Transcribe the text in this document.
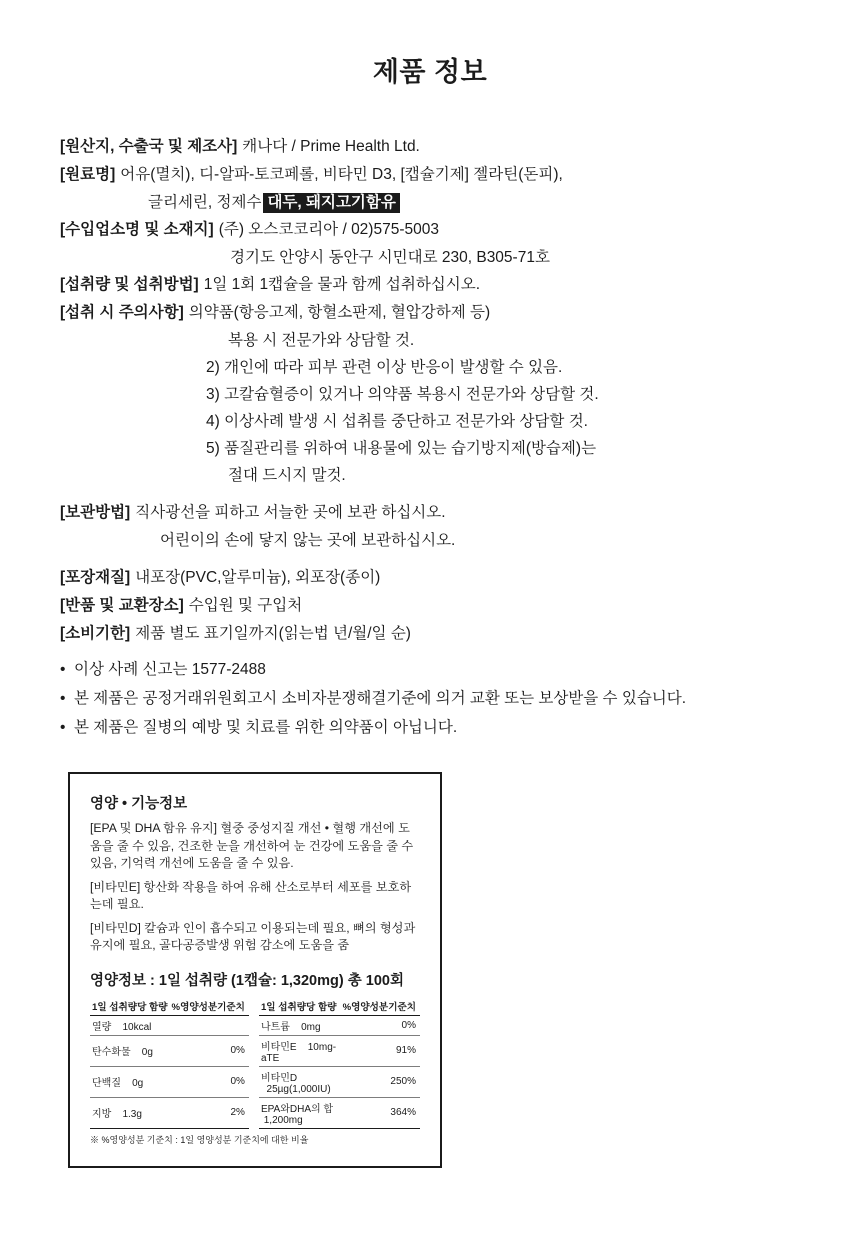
제품 정보
[원산지, 수출국 및 제조사] 캐나다 / Prime Health Ltd.
[원료명] 어유(멸치), 디-알파-토코페롤, 비타민 D3, [캡슐기제] 젤라틴(돈피),
글리세린, 정제수 대두, 돼지고기함유
[수입업소명 및 소재지] (주) 오스코코리아 / 02)575-5003
경기도 안양시 동안구 시민대로 230, B305-71호
[섭취량 및 섭취방법] 1일 1회 1캡슐을 물과 함께 섭취하십시오.
[섭취 시 주의사항] 의약품(항응고제, 항혈소판제, 혈압강하제 등)
복용 시 전문가와 상담할 것.
2) 개인에 따라 피부 관련 이상 반응이 발생할 수 있음.
3) 고칼슘혈증이 있거나 의약품 복용시 전문가와 상담할 것.
4) 이상사례 발생 시 섭취를 중단하고 전문가와 상담할 것.
5) 품질관리를 위하여 내용물에 있는 습기방지제(방습제)는
절대 드시지 말것.
[보관방법] 직사광선을 피하고 서늘한 곳에 보관 하십시오.
어린이의 손에 닿지 않는 곳에 보관하십시오.
[포장재질] 내포장(PVC,알루미늄), 외포장(종이)
[반품 및 교환장소] 수입원 및 구입처
[소비기한] 제품 별도 표기일까지(읽는법 년/월/일 순)
• 이상 사례 신고는 1577-2488
• 본 제품은 공정거래위원회고시 소비자분쟁해결기준에 의거 교환 또는 보상받을 수 있습니다.
• 본 제품은 질병의 예방 및 치료를 위한 의약품이 아닙니다.
영양 • 기능정보
[EPA 및 DHA 함유 유지] 혈중 중성지질 개선 • 혈행 개선에 도움을 줄 수 있음, 건조한 눈을 개선하여 눈 건강에 도움을 줄 수 있음, 기억력 개선에 도움을 줄 수 있음.
[비타민E] 항산화 작용을 하여 유해 산소로부터 세포를 보호하는데 필요.
[비타민D] 칼슘과 인이 흡수되고 이용되는데 필요, 뼈의 형성과 유지에 필요, 골다공증발생 위험 감소에 도움을 줌
영양정보 : 1일 섭취량 (1캡슐: 1,320mg) 총 100회
1일 섭취량당 함량	%영양성분기준치		1일 섭취량당 함량	%영양성분기준치
열량 10kcal			나트륨 0mg	0%
탄수화물 0g	0%		비타민E 10mg-aTE	91%
단백질 0g	0%		비타민D   25µg(1,000IU)	250%
지방 1.3g	2%		EPA와DHA의 합  1,200mg	364%
※ %영양성분 기준치 : 1일 영양성분 기준치에 대한 비율
